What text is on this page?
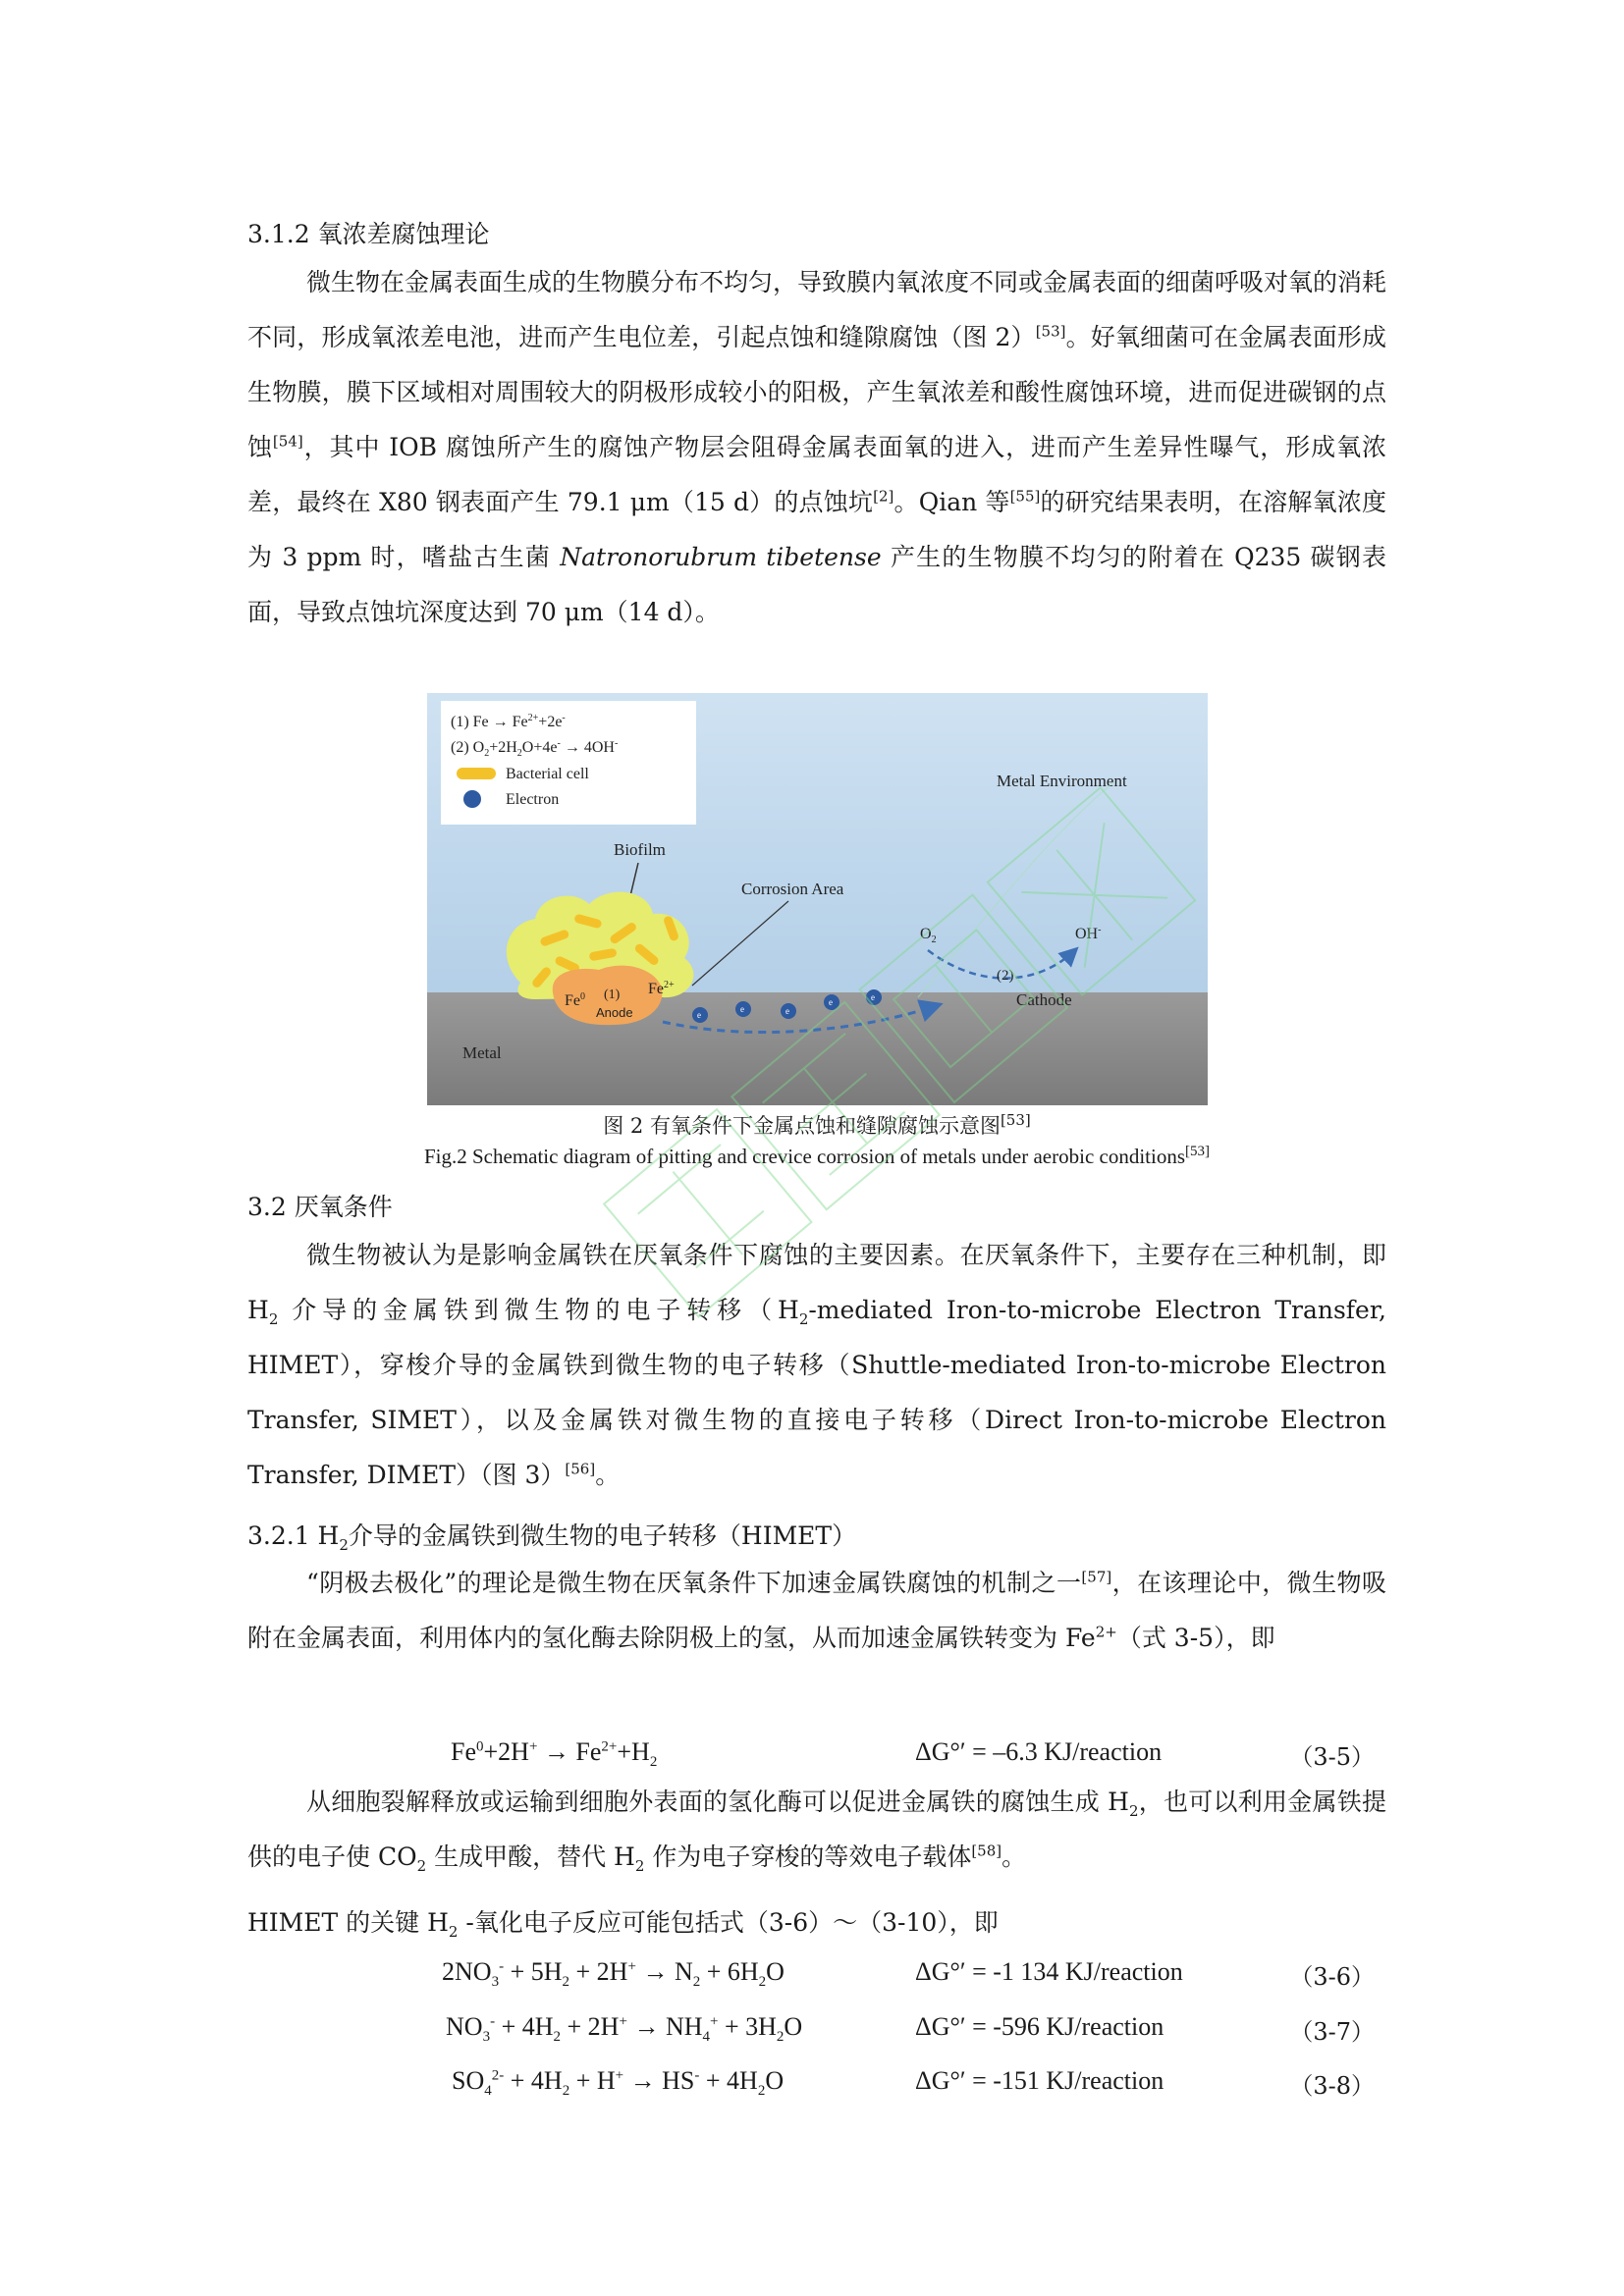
3.1.2 氧浓差腐蚀理论
微生物在金属表面生成的生物膜分布不均匀，导致膜内氧浓度不同或金属表面的细菌呼吸对氧的消耗不同，形成氧浓差电池，进而产生电位差，引起点蚀和缝隙腐蚀（图 2）[53]。好氧细菌可在金属表面形成生物膜，膜下区域相对周围较大的阴极形成较小的阳极，产生氧浓差和酸性腐蚀环境，进而促进碳钢的点蚀[54]，其中 IOB 腐蚀所产生的腐蚀产物层会阻碍金属表面氧的进入，进而产生差异性曝气，形成氧浓差，最终在 X80 钢表面产生 79.1 μm（15 d）的点蚀坑[2]。Qian 等[55]的研究结果表明，在溶解氧浓度为 3 ppm 时，嗜盐古生菌 Natronorubrum tibetense 产生的生物膜不均匀的附着在 Q235 碳钢表面，导致点蚀坑深度达到 70 μm（14 d）。
图 2 有氧条件下金属点蚀和缝隙腐蚀示意图[53]
Fig.2 Schematic diagram of pitting and crevice corrosion of metals under aerobic conditions[53]
3.2 厌氧条件
微生物被认为是影响金属铁在厌氧条件下腐蚀的主要因素。在厌氧条件下，主要存在三种机制，即 $H_2$ 介导的金属铁到微生物的电子转移（$H_2$-mediated Iron-to-microbe Electron Transfer, HIMET），穿梭介导的金属铁到微生物的电子转移（Shuttle-mediated Iron-to-microbe Electron Transfer, SIMET），以及金属铁对微生物的直接电子转移（Direct Iron-to-microbe Electron Transfer, DIMET）（图 3）[56]。
3.2.1 $H_2$介导的金属铁到微生物的电子转移（HIMET）
“阴极去极化”的理论是微生物在厌氧条件下加速金属铁腐蚀的机制之一[57]，在该理论中，微生物吸附在金属表面，利用体内的氢化酶去除阴极上的氢，从而加速金属铁转变为 $Fe^{2+}$（式 3-5），即
$Fe^0+2H^+ \to Fe^{2+}+H_2$	ΔG°′ = –6.3 KJ/reaction	（3-5）
从细胞裂解释放或运输到细胞外表面的氢化酶可以促进金属铁的腐蚀生成 $H_2$，也可以利用金属铁提供的电子使 $CO_2$ 生成甲酸，替代 $H_2$ 作为电子穿梭的等效电子载体[58]。
HIMET 的关键 $H_2$ -氧化电子反应可能包括式（3-6）～（3-10），即
$2NO_3^- + 5H_2 + 2H^+ \to N_2 + 6H_2O$	ΔG°′ = -1 134 KJ/reaction	（3-6）
$NO_3^- + 4H_2 + 2H^+ \to NH_4^+ + 3H_2O$	ΔG°′ = -596 KJ/reaction	（3-7）
$SO_4^{2-} + 4H_2 + H^+ \to HS^- + 4H_2O$	ΔG°′ = -151 KJ/reaction	（3-8）
(1) $Fe \to Fe^{2+}+2e^-$
(2) $O_2+2H_2O+4e^- \to 4OH^-$
Bacterial cell
Electron
Metal Environment
Biofilm
Fe$^0$ (1) $Fe^{2+}$
Anode
Corrosion Area
e
e	e
e	e
$O_2$	OH-
(2)
Cathode
Metal
